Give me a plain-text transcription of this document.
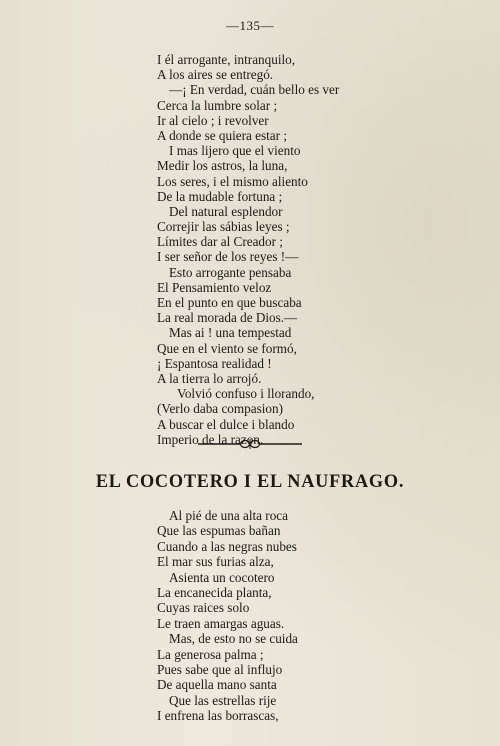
—135—
I él arrogante, intranquilo,
A los aires se entregó.
—¡ En verdad, cuán bello es ver
Cerca la lumbre solar ;
Ir al cielo ; i revolver
A donde se quiera estar ;
I mas lijero que el viento
Medir los astros, la luna,
Los seres, i el mismo aliento
De la mudable fortuna ;
Del natural esplendor
Correjir las sábias leyes ;
Límites dar al Creador ;
I ser señor de los reyes !—
Esto arrogante pensaba
El Pensamiento veloz
En el punto en que buscaba
La real morada de Dios.—
Mas ai ! una tempestad
Que en el viento se formó,
¡ Espantosa realidad !
A la tierra lo arrojó.
Volvió confuso i llorando,
(Verlo daba compasion)
A buscar el dulce i blando
Imperio de la razon.
EL COCOTERO I EL NAUFRAGO.
Al pié de una alta roca
Que las espumas bañan
Cuando a las negras nubes
El mar sus furias alza,
Asienta un cocotero
La encanecida planta,
Cuyas raices solo
Le traen amargas aguas.
Mas, de esto no se cuida
La generosa palma ;
Pues sabe que al influjo
De aquella mano santa
Que las estrellas rije
I enfrena las borrascas,
